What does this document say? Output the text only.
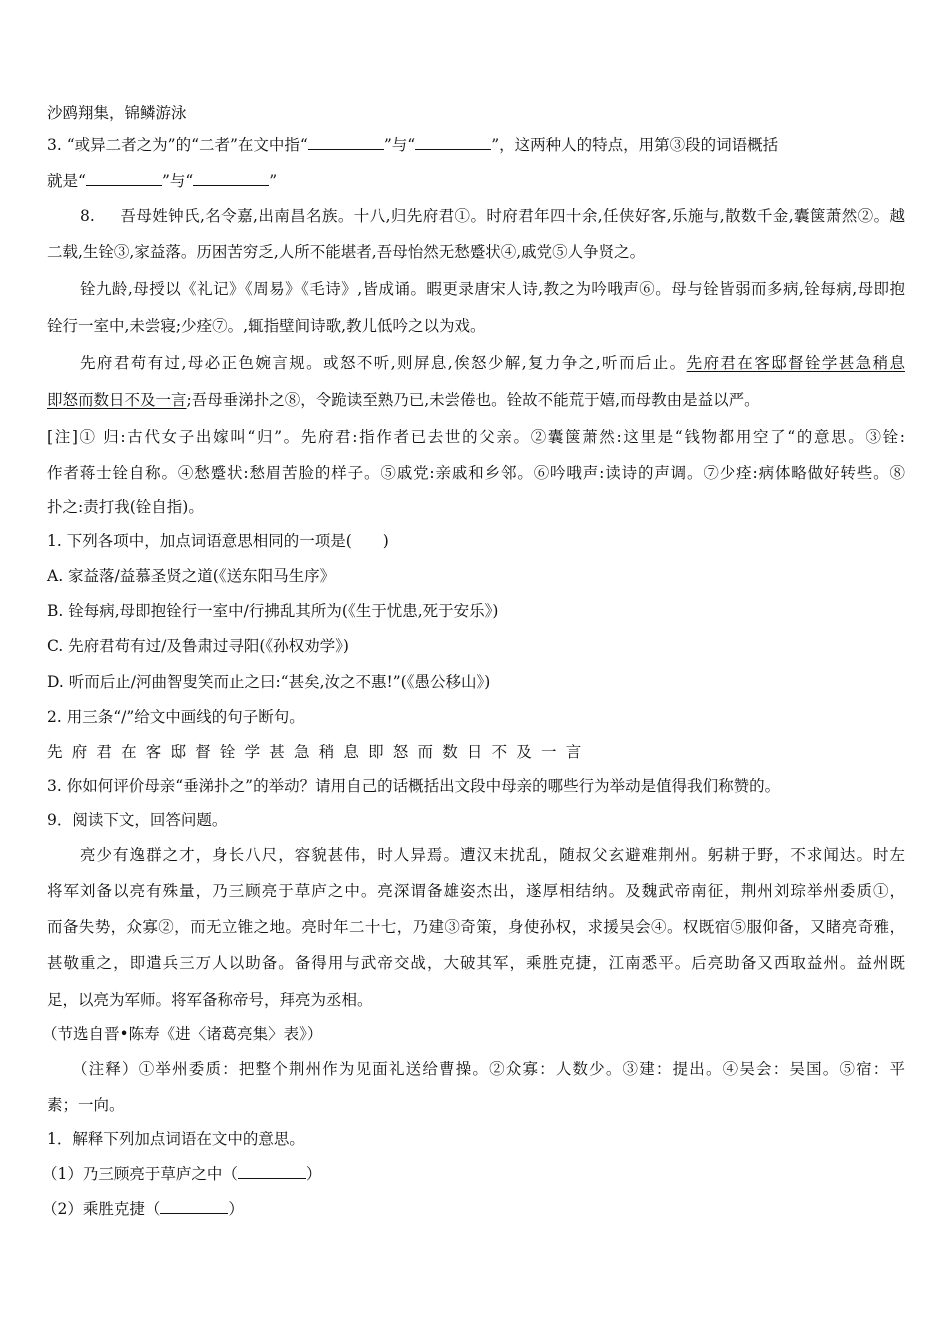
沙鸥翔集，锦鳞游泳
3. “或异二者之为”的“二者”在文中指“	”与“	”，这两种人的特点，用第③段的词语概括
就是“	”与“	”
8. 吾母姓钟氏,名令嘉,出南昌名族。十八,归先府君①。时府君年四十余,任侠好客,乐施与,散数千金,囊箧萧然②。越
二载,生铨③,家益落。历困苦穷乏,人所不能堪者,吾母怡然无愁蹙状④,戚党⑤人争贤之。
铨九龄,母授以《礼记》《周易》《毛诗》,皆成诵。暇更录唐宋人诗,教之为吟哦声⑥。母与铨皆弱而多病,铨每病,母即抱
铨行一室中,未尝寝;少痊⑦。,辄指壁间诗歌,教儿低吟之以为戏。
先府君苟有过,母必正色婉言规。或怒不听,则屏息,俟怒少解,复力争之,听而后止。先府君在客邸督铨学甚急稍息
即怒而数日不及一言;吾母垂涕扑之⑧，令跪读至熟乃已,未尝倦也。铨故不能荒于嬉,而母教由是益以严。
[注]① 归:古代女子出嫁叫“归”。先府君:指作者已去世的父亲。②囊箧萧然:这里是“钱物都用空了“的意思。③铨:
作者蒋士铨自称。④愁蹙状:愁眉苦脸的样子。⑤戚党:亲戚和乡邻。⑥吟哦声:读诗的声调。⑦少痊:病体略做好转些。⑧
扑之:责打我(铨自指)。
1. 下列各项中，加点词语意思相同的一项是(　　)
A. 家益落/益慕圣贤之道(《送东阳马生序》
B. 铨每病,母即抱铨行一室中/行拂乱其所为(《生于忧患,死于安乐》)
C. 先府君苟有过/及鲁肃过寻阳(《孙权劝学》)
D. 听而后止/河曲智叟笑而止之曰:“甚矣,汝之不惠!”(《愚公移山》)
2. 用三条“/”给文中画线的句子断句。
先府君在客邸督铨学甚急稍息即怒而数日不及一言
3. 你如何评价母亲“垂涕扑之”的举动？请用自己的话概括出文段中母亲的哪些行为举动是值得我们称赞的。
9．阅读下文，回答问题。
亮少有逸群之才，身长八尺，容貌甚伟，时人异焉。遭汉末扰乱，随叔父玄避难荆州。躬耕于野，不求闻达。时左
将军刘备以亮有殊量，乃三顾亮于草庐之中。亮深谓备雄姿杰出，遂厚相结纳。及魏武帝南征，荆州刘琮举州委质①，
而备失势，众寡②，而无立锥之地。亮时年二十七，乃建③奇策，身使孙权，求援吴会④。权既宿⑤服仰备，又睹亮奇雅，
甚敬重之，即遣兵三万人以助备。备得用与武帝交战，大破其军，乘胜克捷，江南悉平。后亮助备又西取益州。益州既
足，以亮为军师。将军备称帝号，拜亮为丞相。
（节选自晋•陈寿《进〈诸葛亮集〉表》）
（注释）①举州委质：把整个荆州作为见面礼送给曹操。②众寡：人数少。③建：提出。④吴会：吴国。⑤宿：平
素；一向。
1．解释下列加点词语在文中的意思。
（1）乃三顾亮于草庐之中（	）
（2）乘胜克捷（	）
